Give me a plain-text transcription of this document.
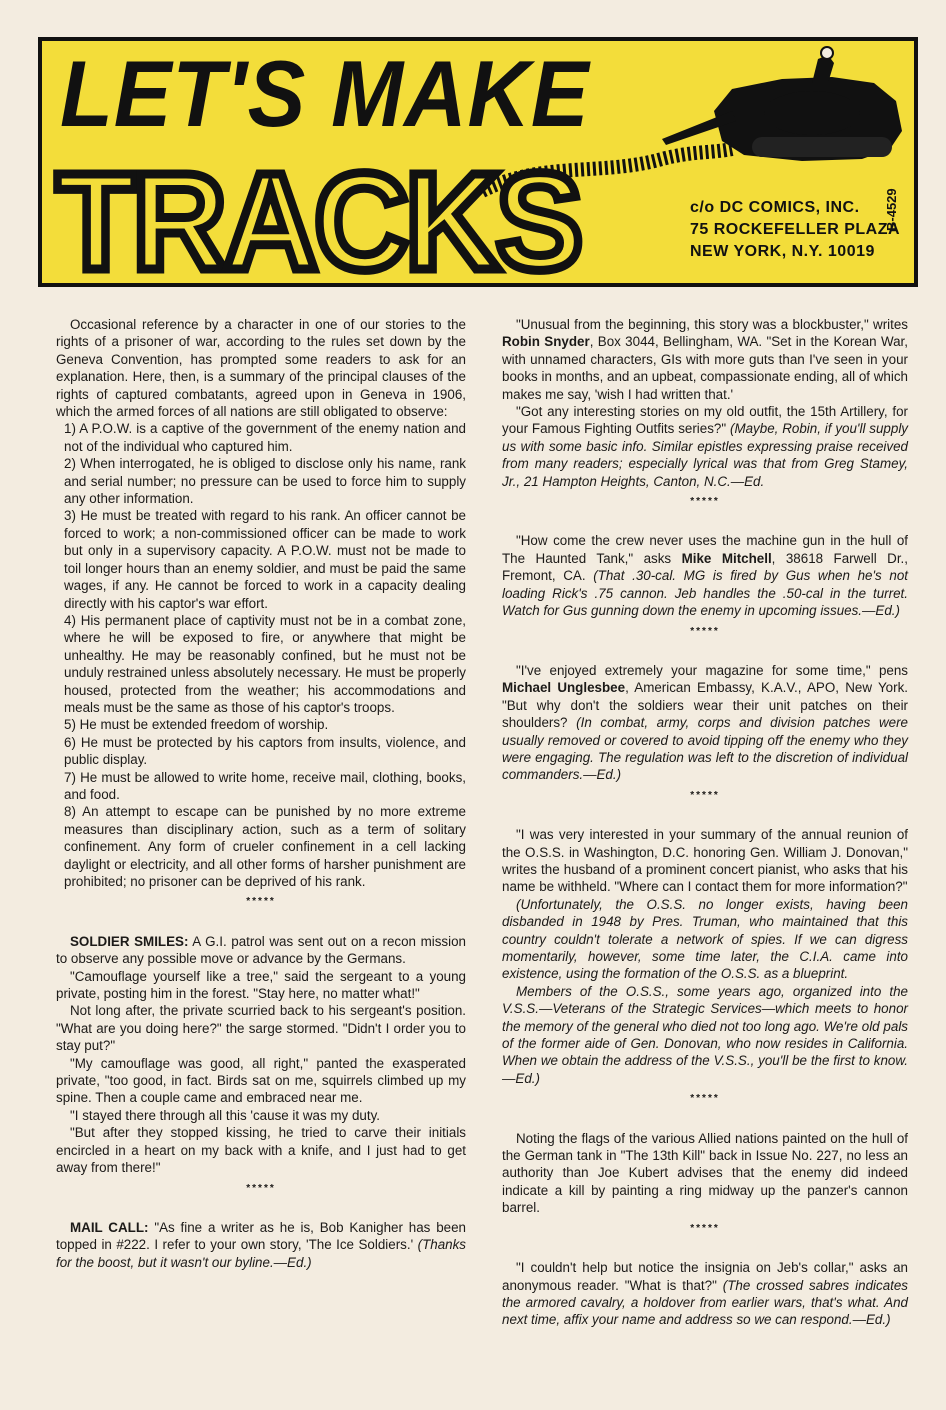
LET'S MAKE
TRACKS	c/o DC COMICS, INC.
75 ROCKEFELLER PLAZA
NEW YORK, N.Y. 10019
B-4529

Occasional reference by a character in one of our stories to the rights of a prisoner of war, according to the rules set down by the Geneva Convention, has prompted some readers to ask for an explanation. Here, then, is a summary of the principal clauses of the rights of captured combatants, agreed upon in Geneva in 1906, which the armed forces of all nations are still obligated to observe:

1) A P.O.W. is a captive of the government of the enemy nation and not of the individual who captured him.

2) When interrogated, he is obliged to disclose only his name, rank and serial number; no pressure can be used to force him to supply any other information.

3) He must be treated with regard to his rank. An officer cannot be forced to work; a non-commissioned officer can be made to work but only in a supervisory capacity. A P.O.W. must not be made to toil longer hours than an enemy soldier, and must be paid the same wages, if any. He cannot be forced to work in a capacity dealing directly with his captor's war effort.

4) His permanent place of captivity must not be in a combat zone, where he will be exposed to fire, or anywhere that might be unhealthy. He may be reasonably confined, but he must not be unduly restrained unless absolutely necessary. He must be properly housed, protected from the weather; his accommodations and meals must be the same as those of his captor's troops.

5) He must be extended freedom of worship.

6) He must be protected by his captors from insults, violence, and public display.

7) He must be allowed to write home, receive mail, clothing, books, and food.

8) An attempt to escape can be punished by no more extreme measures than disciplinary action, such as a term of solitary confinement. Any form of crueler confinement in a cell lacking daylight or electricity, and all other forms of harsher punishment are prohibited; no prisoner can be deprived of his rank.

*****

SOLDIER SMILES: A G.I. patrol was sent out on a recon mission to observe any possible move or advance by the Germans.

"Camouflage yourself like a tree," said the sergeant to a young private, posting him in the forest. "Stay here, no matter what!"

Not long after, the private scurried back to his sergeant's position. "What are you doing here?" the sarge stormed. "Didn't I order you to stay put?"

"My camouflage was good, all right," panted the exasperated private, "too good, in fact. Birds sat on me, squirrels climbed up my spine. Then a couple came and embraced near me.

"I stayed there through all this 'cause it was my duty.

"But after they stopped kissing, he tried to carve their initials encircled in a heart on my back with a knife, and I just had to get away from there!"

*****

MAIL CALL: "As fine a writer as he is, Bob Kanigher has been topped in #222. I refer to your own story, 'The Ice Soldiers.' (Thanks for the boost, but it wasn't our byline.—Ed.)

"Unusual from the beginning, this story was a blockbuster," writes Robin Snyder, Box 3044, Bellingham, WA. "Set in the Korean War, with unnamed characters, GIs with more guts than I've seen in your books in months, and an upbeat, compassionate ending, all of which makes me say, 'wish I had written that.'

"Got any interesting stories on my old outfit, the 15th Artillery, for your Famous Fighting Outfits series?" (Maybe, Robin, if you'll supply us with some basic info. Similar epistles expressing praise received from many readers; especially lyrical was that from Greg Stamey, Jr., 21 Hampton Heights, Canton, N.C.—Ed.

*****

"How come the crew never uses the machine gun in the hull of The Haunted Tank," asks Mike Mitchell, 38618 Farwell Dr., Fremont, CA. (That .30-cal. MG is fired by Gus when he's not loading Rick's .75 cannon. Jeb handles the .50-cal in the turret. Watch for Gus gunning down the enemy in upcoming issues.—Ed.)

*****

"I've enjoyed extremely your magazine for some time," pens Michael Unglesbee, American Embassy, K.A.V., APO, New York. "But why don't the soldiers wear their unit patches on their shoulders? (In combat, army, corps and division patches were usually removed or covered to avoid tipping off the enemy who they were engaging. The regulation was left to the discretion of individual commanders.—Ed.)

*****

"I was very interested in your summary of the annual reunion of the O.S.S. in Washington, D.C. honoring Gen. William J. Donovan," writes the husband of a prominent concert pianist, who asks that his name be withheld. "Where can I contact them for more information?"

(Unfortunately, the O.S.S. no longer exists, having been disbanded in 1948 by Pres. Truman, who maintained that this country couldn't tolerate a network of spies. If we can digress momentarily, however, some time later, the C.I.A. came into existence, using the formation of the O.S.S. as a blueprint.

Members of the O.S.S., some years ago, organized into the V.S.S.—Veterans of the Strategic Services—which meets to honor the memory of the general who died not too long ago. We're old pals of the former aide of Gen. Donovan, who now resides in California. When we obtain the address of the V.S.S., you'll be the first to know.—Ed.)

*****

Noting the flags of the various Allied nations painted on the hull of the German tank in "The 13th Kill" back in Issue No. 227, no less an authority than Joe Kubert advises that the enemy did indeed indicate a kill by painting a ring midway up the panzer's cannon barrel.

*****

"I couldn't help but notice the insignia on Jeb's collar," asks an anonymous reader. "What is that?" (The crossed sabres indicates the armored cavalry, a holdover from earlier wars, that's what. And next time, affix your name and address so we can respond.—Ed.)
